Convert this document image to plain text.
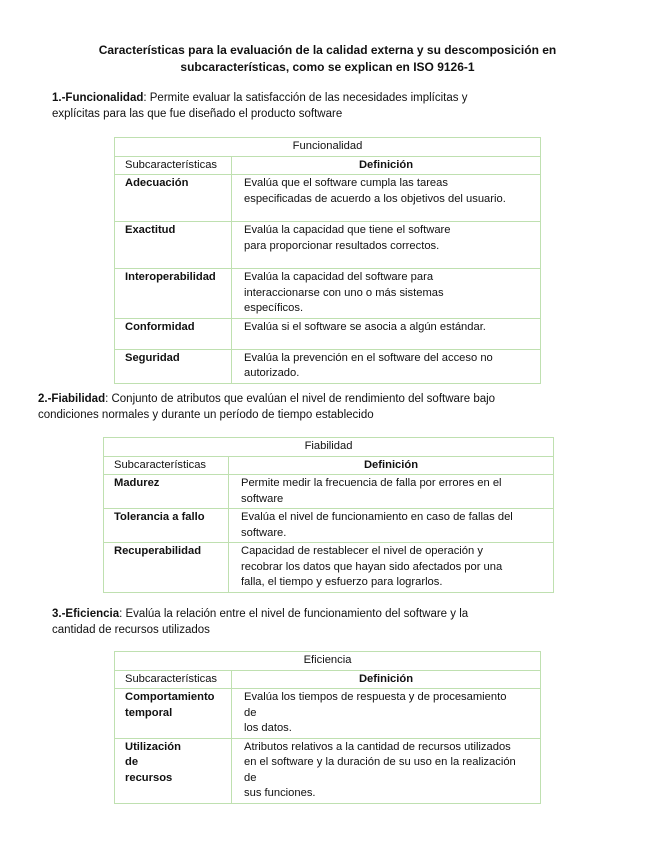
Características para la evaluación de la calidad externa y su descomposición en
subcaracterísticas, como se explican en ISO 9126-1
1.-Funcionalidad: Permite evaluar la satisfacción de las necesidades implícitas y
explícitas para las que fue diseñado el producto software
Funcionalidad	
Subcaracterísticas	Definición
Adecuación	Evalúa que el software cumpla las tareas
especificadas de acuerdo a los objetivos del usuario.

Exactitud	Evalúa la capacidad que tiene el software
para proporcionar resultados correctos.

Interoperabilidad	Evalúa la capacidad del software para
interaccionarse con uno o más sistemas
específicos.

Conformidad	Evalúa si el software se asocia a algún estándar.

Seguridad	Evalúa la prevención en el software del acceso no
autorizado.
2.-Fiabilidad: Conjunto de atributos que evalúan el nivel de rendimiento del software bajo
condiciones normales y durante un período de tiempo establecido
Fiabilidad	
Subcaracterísticas	Definición
Madurez	Permite medir la frecuencia de falla por errores en el
software

Tolerancia a fallo	Evalúa el nivel de funcionamiento en caso de fallas del
software.

Recuperabilidad	Capacidad de restablecer el nivel de operación y
recobrar los datos que hayan sido afectados por una
falla, el tiempo y esfuerzo para lograrlos.
3.-Eficiencia: Evalúa la relación entre el nivel de funcionamiento del software y la
cantidad de recursos utilizados
Eficiencia	
Subcaracterísticas	Definición

Comportamiento
temporal	Evalúa los tiempos de respuesta y de procesamiento
de
los datos.

Utilización
de
recursos	Atributos relativos a la cantidad de recursos utilizados
en el software y la duración de su uso en la realización
de
sus funciones.
